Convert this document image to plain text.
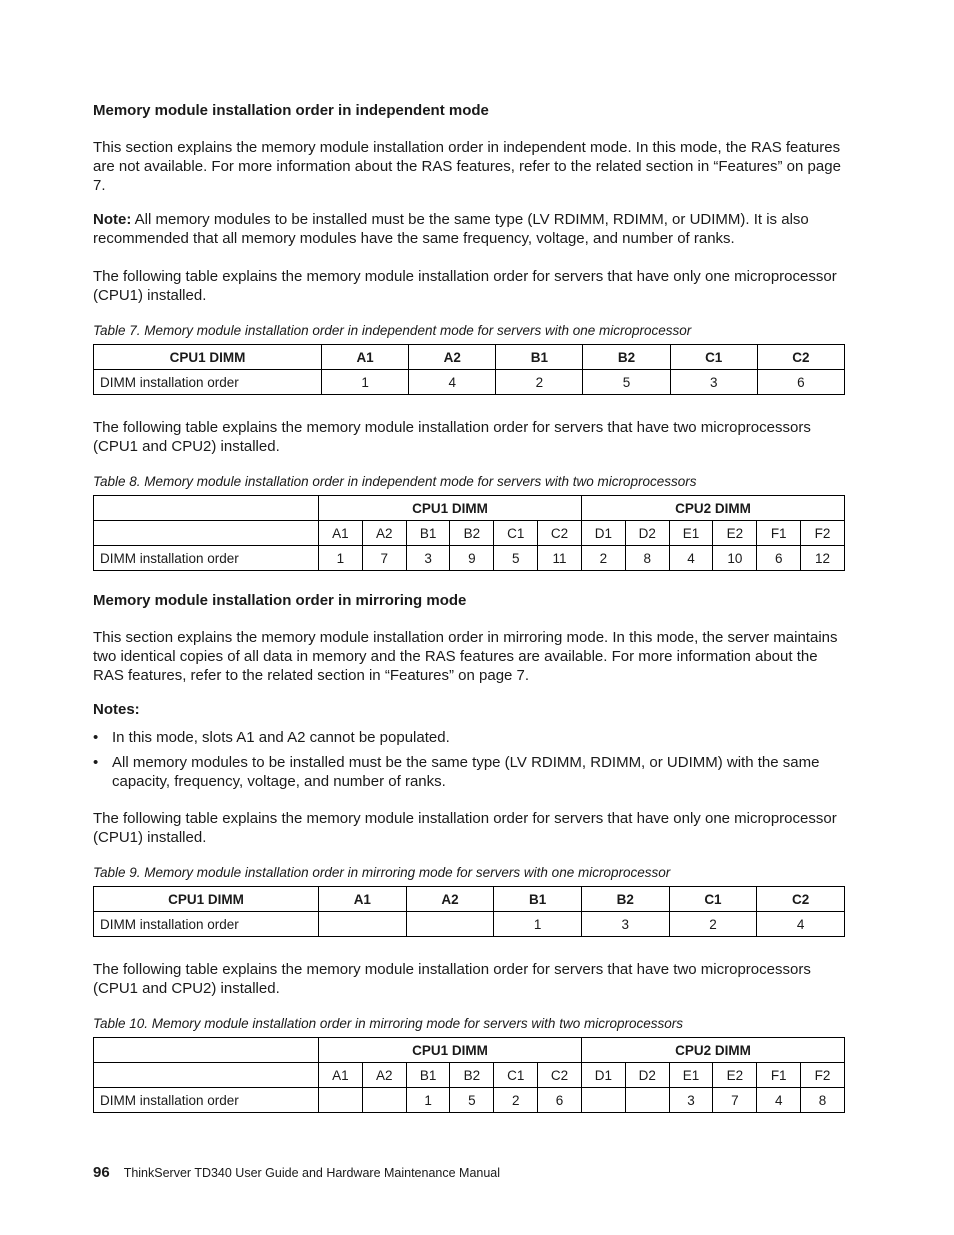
Memory module installation order in independent mode

This section explains the memory module installation order in independent mode. In this mode, the RAS features are not available. For more information about the RAS features, refer to the related section in “Features” on page 7.

Note: All memory modules to be installed must be the same type (LV RDIMM, RDIMM, or UDIMM). It is also recommended that all memory modules have the same frequency, voltage, and number of ranks.

The following table explains the memory module installation order for servers that have only one microprocessor (CPU1) installed.

Table 7. Memory module installation order in independent mode for servers with one microprocessor

CPU1 DIMM	A1	A2	B1	B2	C1	C2
DIMM installation order	1	4	2	5	3	6

The following table explains the memory module installation order for servers that have two microprocessors (CPU1 and CPU2) installed.

Table 8. Memory module installation order in independent mode for servers with two microprocessors

	CPU1 DIMM						CPU2 DIMM					
	A1	A2	B1	B2	C1	C2	D1	D2	E1	E2	F1	F2
DIMM installation order	1	7	3	9	5	11	2	8	4	10	6	12
Memory module installation order in mirroring mode

This section explains the memory module installation order in mirroring mode. In this mode, the server maintains two identical copies of all data in memory and the RAS features are available. For more information about the RAS features, refer to the related section in “Features” on page 7.

Notes:
• In this mode, slots A1 and A2 cannot be populated.
• All memory modules to be installed must be the same type (LV RDIMM, RDIMM, or UDIMM) with the same capacity, frequency, voltage, and number of ranks.

The following table explains the memory module installation order for servers that have only one microprocessor (CPU1) installed.

Table 9. Memory module installation order in mirroring mode for servers with one microprocessor

CPU1 DIMM	A1	A2	B1	B2	C1	C2
DIMM installation order			1	3	2	4

The following table explains the memory module installation order for servers that have two microprocessors (CPU1 and CPU2) installed.

Table 10. Memory module installation order in mirroring mode for servers with two microprocessors

	CPU1 DIMM						CPU2 DIMM					
	A1	A2	B1	B2	C1	C2	D1	D2	E1	E2	F1	F2
DIMM installation order			1	5	2	6			3	7	4	8
96 ThinkServer TD340 User Guide and Hardware Maintenance Manual
